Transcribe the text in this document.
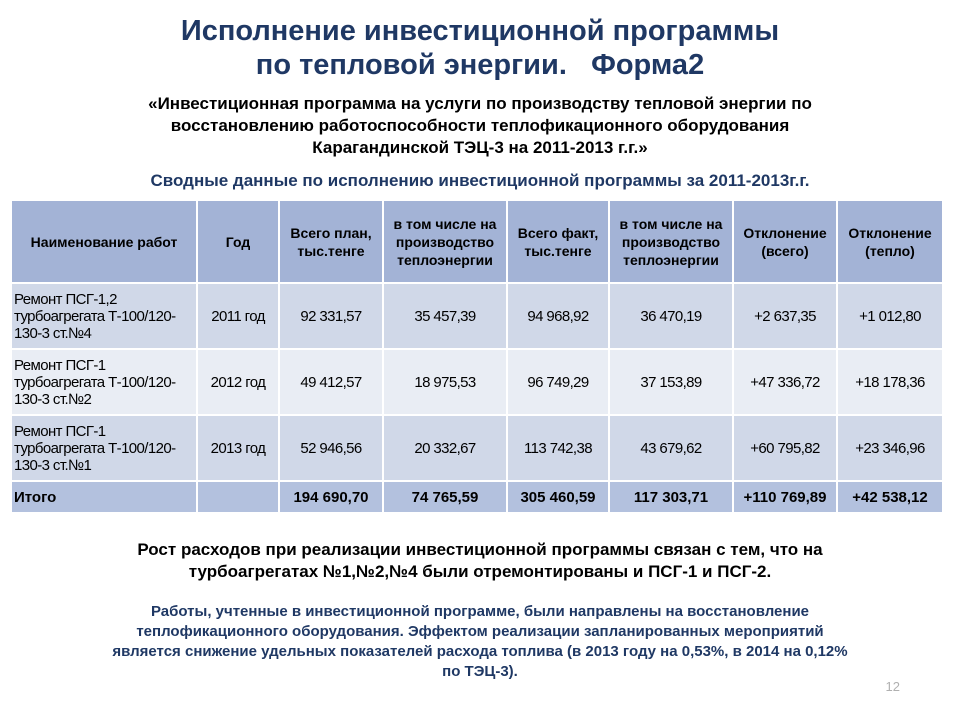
Исполнение инвестиционной программы
по тепловой энергии.   Форма2
«Инвестиционная программа на услуги по производству тепловой энергии по
восстановлению работоспособности теплофикационного оборудования
Карагандинской ТЭЦ-3 на 2011-2013 г.г.»
Сводные данные по исполнению инвестиционной программы за 2011-2013г.г.
Наименование работ	Год	Всего план, тыс.тенге	в том числе на производство теплоэнергии	Всего факт, тыс.тенге	в том числе на производство теплоэнергии	Отклонение (всего)	Отклонение (тепло)
Ремонт ПСГ-1,2 турбоагрегата Т-100/120-130-3 ст.№4	2011 год	92 331,57	35 457,39	94 968,92	36 470,19	+2 637,35	+1 012,80
Ремонт ПСГ-1 турбоагрегата Т-100/120-130-3 ст.№2	2012 год	49 412,57	18 975,53	96 749,29	37 153,89	+47 336,72	+18 178,36
Ремонт ПСГ-1 турбоагрегата Т-100/120-130-3 ст.№1	2013 год	52 946,56	20 332,67	113 742,38	43 679,62	+60 795,82	+23 346,96
Итого		194 690,70	74 765,59	305 460,59	117 303,71	+110 769,89	+42 538,12
Рост расходов при реализации инвестиционной программы связан с тем, что на
турбоагрегатах №1,№2,№4 были отремонтированы и ПСГ-1 и ПСГ-2.
Работы, учтенные в инвестиционной программе, были направлены на восстановление
теплофикационного оборудования. Эффектом реализации запланированных мероприятий
является снижение удельных показателей расхода топлива (в 2013 году на 0,53%, в 2014 на 0,12%
по ТЭЦ-3).
12
